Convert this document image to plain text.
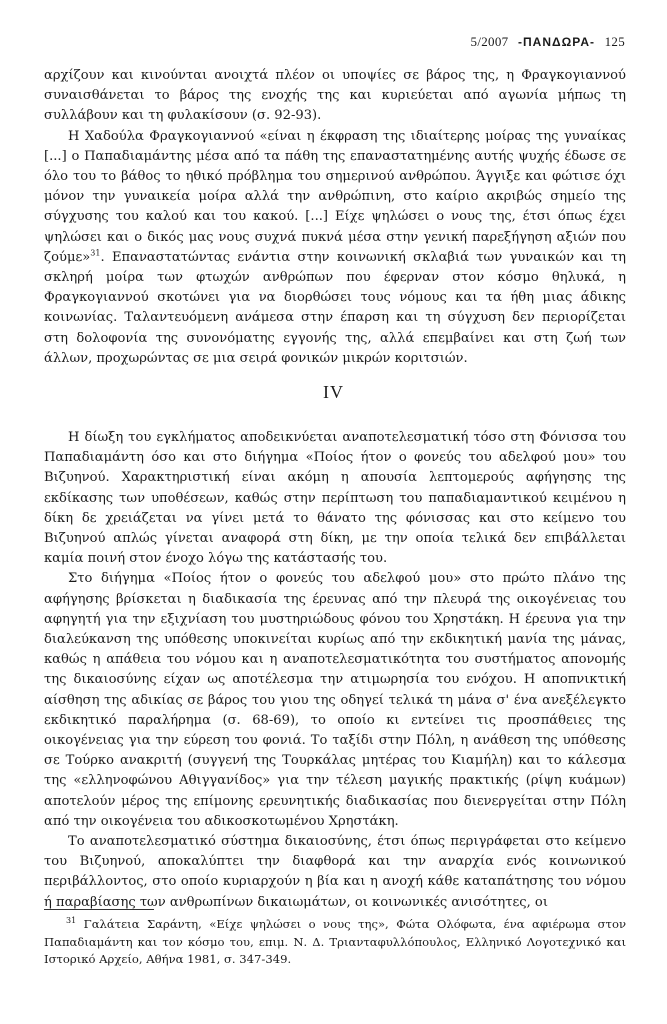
5/2007 -ΠΑΝΔΩΡΑ- 125

αρχίζουν και κινούνται ανοιχτά πλέον οι υποψίες σε βάρος της, η Φραγκογιαννού συναισθάνεται το βάρος της ενοχής της και κυριεύεται από αγωνία μήπως τη συλλάβουν και τη φυλακίσουν (σ. 92-93).

Η Χαδούλα Φραγκογιαννού «είναι η έκφραση της ιδιαίτερης μοίρας της γυναίκας [...] ο Παπαδιαμάντης μέσα από τα πάθη της επαναστατημένης αυτής ψυχής έδωσε σε όλο του το βάθος το ηθικό πρόβλημα του σημερινού ανθρώπου. Άγγιξε και φώτισε όχι μόνον την γυναικεία μοίρα αλλά την ανθρώπινη, στο καίριο ακριβώς σημείο της σύγχυσης του καλού και του κακού. [...] Είχε ψηλώσει ο νους της, έτσι όπως έχει ψηλώσει και ο δικός μας νους συχνά πυκνά μέσα στην γενική παρεξήγηση αξιών που ζούμε»$^{31}$. Επαναστατώντας ενάντια στην κοινωνική σκλαβιά των γυναικών και τη σκληρή μοίρα των φτωχών ανθρώπων που έφερναν στον κόσμο θηλυκά, η Φραγκογιαννού σκοτώνει για να διορθώσει τους νόμους και τα ήθη μιας άδικης κοινωνίας. Ταλαντευόμενη ανάμεσα στην έπαρση και τη σύγχυση δεν περιορίζεται στη δολοφονία της συνονόματης εγγονής της, αλλά επεμβαίνει και στη ζωή των άλλων, προχωρώντας σε μια σειρά φονικών μικρών κοριτσιών.

IV

Η δίωξη του εγκλήματος αποδεικνύεται αναποτελεσματική τόσο στη Φόνισσα του Παπαδιαμάντη όσο και στο διήγημα «Ποίος ήτον ο φονεύς του αδελφού μου» του Βιζυηνού. Χαρακτηριστική είναι ακόμη η απουσία λεπτομερούς αφήγησης της εκδίκασης των υποθέσεων, καθώς στην περίπτωση του παπαδιαμαντικού κειμένου η δίκη δε χρειάζεται να γίνει μετά το θάνατο της φόνισσας και στο κείμενο του Βιζυηνού απλώς γίνεται αναφορά στη δίκη, με την οποία τελικά δεν επιβάλλεται καμία ποινή στον ένοχο λόγω της κατάστασής του.

Στο διήγημα «Ποίος ήτον ο φονεύς του αδελφού μου» στο πρώτο πλάνο της αφήγησης βρίσκεται η διαδικασία της έρευνας από την πλευρά της οικογένειας του αφηγητή για την εξιχνίαση του μυστηριώδους φόνου του Χρηστάκη. Η έρευνα για την διαλεύκανση της υπόθεσης υποκινείται κυρίως από την εκδικητική μανία της μάνας, καθώς η απάθεια του νόμου και η αναποτελεσματικότητα του συστήματος απονομής της δικαιοσύνης είχαν ως αποτέλεσμα την ατιμωρησία του ενόχου. Η αποπνικτική αίσθηση της αδικίας σε βάρος του γιου της οδηγεί τελικά τη μάνα σ' ένα ανεξέλεγκτο εκδικητικό παραλήρημα (σ. 68-69), το οποίο κι εντείνει τις προσπάθειες της οικογένειας για την εύρεση του φονιά. Το ταξίδι στην Πόλη, η ανάθεση της υπόθεσης σε Τούρκο ανακριτή (συγγενή της Τουρκάλας μητέρας του Κιαμήλη) και το κάλεσμα της «ελληνοφώνου Αθιγγανίδος» για την τέλεση μαγικής πρακτικής (ρίψη κυάμων) αποτελούν μέρος της επίμονης ερευνητικής διαδικασίας που διενεργείται στην Πόλη από την οικογένεια του αδικοσκοτωμένου Χρηστάκη.

Το αναποτελεσματικό σύστημα δικαιοσύνης, έτσι όπως περιγράφεται στο κείμενο του Βιζυηνού, αποκαλύπτει την διαφθορά και την αναρχία ενός κοινωνικού περιβάλλοντος, στο οποίο κυριαρχούν η βία και η ανοχή κάθε καταπάτησης του νόμου ή παραβίασης των ανθρωπίνων δικαιωμάτων, οι κοινωνικές ανισότητες, οι

$^{31}$ Γαλάτεια Σαράντη, «Είχε ψηλώσει ο νους της», Φώτα Ολόφωτα, ένα αφιέρωμα στον Παπαδιαμάντη και τον κόσμο του, επιμ. Ν. Δ. Τριανταφυλλόπουλος, Ελληνικό Λογοτεχνικό και Ιστορικό Αρχείο, Αθήνα 1981, σ. 347-349.
